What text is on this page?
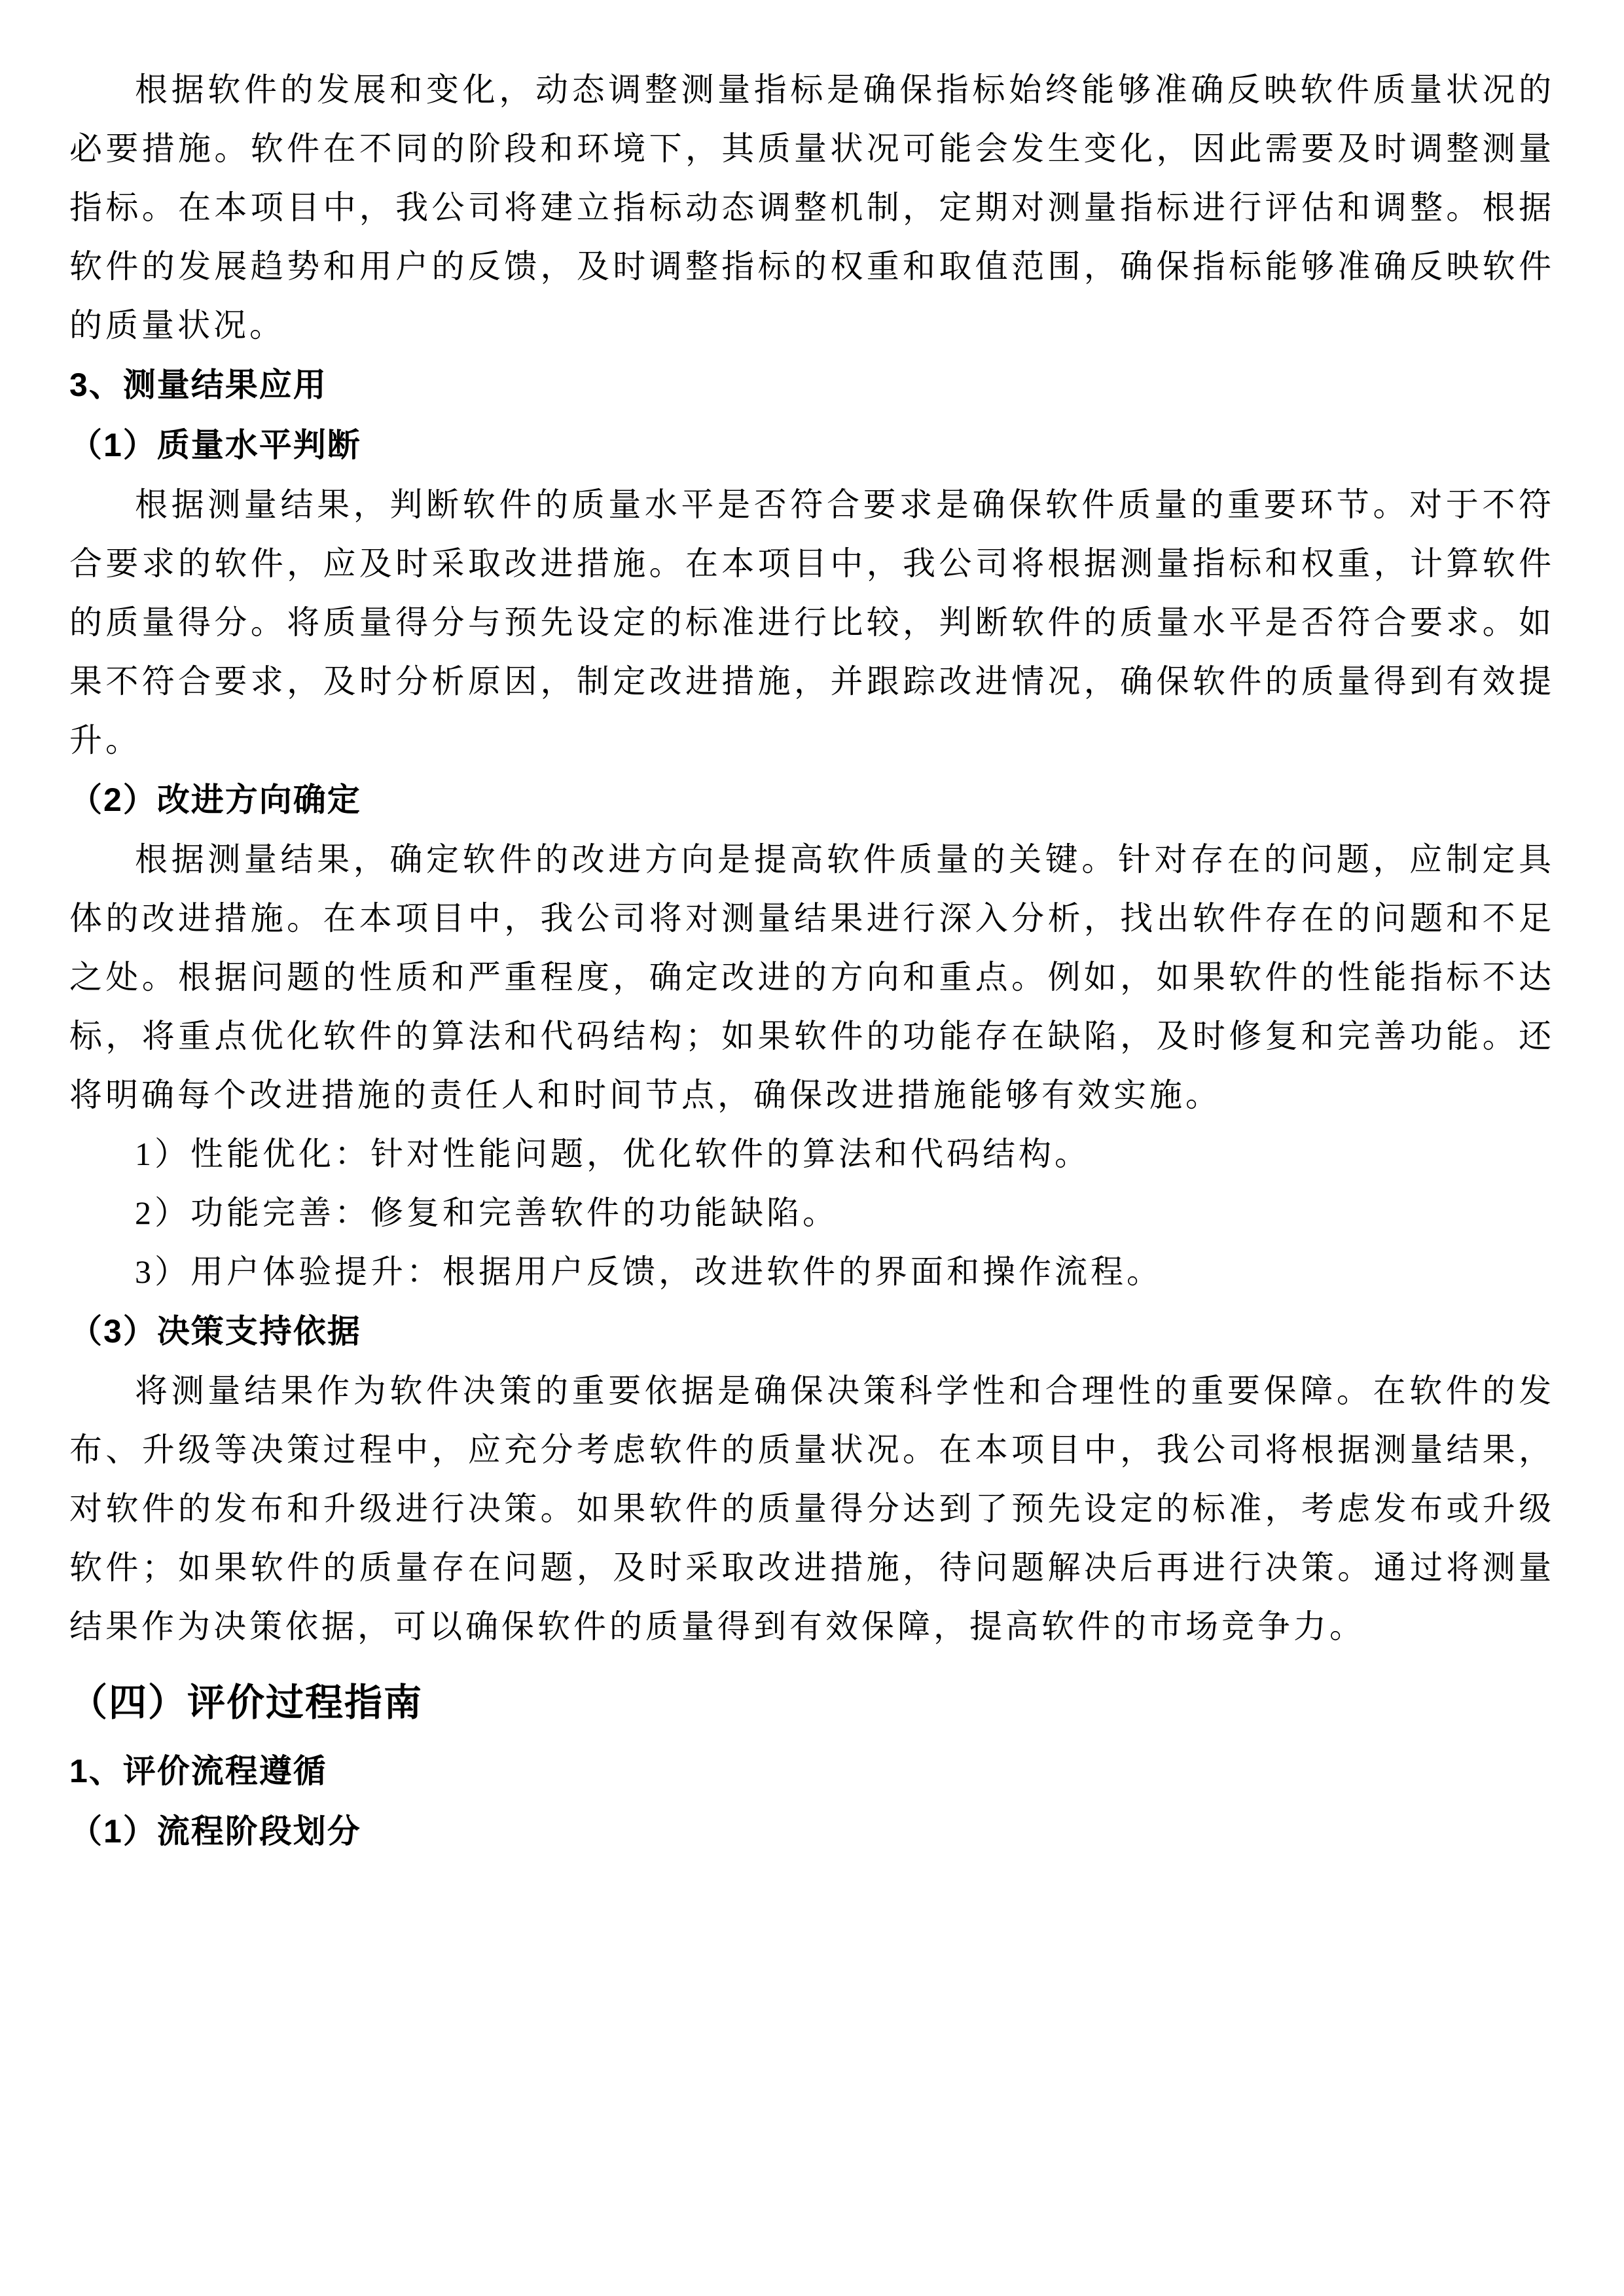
根据软件的发展和变化，动态调整测量指标是确保指标始终能够准确反映软件质量状况的必要措施。软件在不同的阶段和环境下，其质量状况可能会发生变化，因此需要及时调整测量指标。在本项目中，我公司将建立指标动态调整机制，定期对测量指标进行评估和调整。根据软件的发展趋势和用户的反馈，及时调整指标的权重和取值范围，确保指标能够准确反映软件的质量状况。

3、测量结果应用
（1）质量水平判断

根据测量结果，判断软件的质量水平是否符合要求是确保软件质量的重要环节。对于不符合要求的软件，应及时采取改进措施。在本项目中，我公司将根据测量指标和权重，计算软件的质量得分。将质量得分与预先设定的标准进行比较，判断软件的质量水平是否符合要求。如果不符合要求，及时分析原因，制定改进措施，并跟踪改进情况，确保软件的质量得到有效提升。

（2）改进方向确定

根据测量结果，确定软件的改进方向是提高软件质量的关键。针对存在的问题，应制定具体的改进措施。在本项目中，我公司将对测量结果进行深入分析，找出软件存在的问题和不足之处。根据问题的性质和严重程度，确定改进的方向和重点。例如，如果软件的性能指标不达标，将重点优化软件的算法和代码结构；如果软件的功能存在缺陷，及时修复和完善功能。还将明确每个改进措施的责任人和时间节点，确保改进措施能够有效实施。

1）性能优化：针对性能问题，优化软件的算法和代码结构。
2）功能完善：修复和完善软件的功能缺陷。
3）用户体验提升：根据用户反馈，改进软件的界面和操作流程。
（3）决策支持依据

将测量结果作为软件决策的重要依据是确保决策科学性和合理性的重要保障。在软件的发布、升级等决策过程中，应充分考虑软件的质量状况。在本项目中，我公司将根据测量结果，对软件的发布和升级进行决策。如果软件的质量得分达到了预先设定的标准，考虑发布或升级软件；如果软件的质量存在问题，及时采取改进措施，待问题解决后再进行决策。通过将测量结果作为决策依据，可以确保软件的质量得到有效保障，提高软件的市场竞争力。

（四）评价过程指南
1、评价流程遵循
（1）流程阶段划分
